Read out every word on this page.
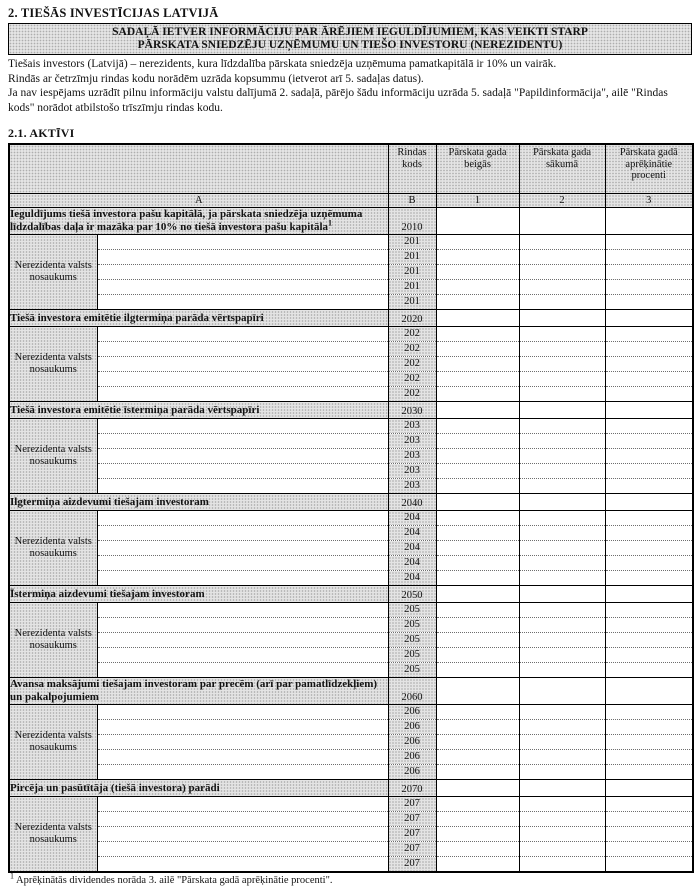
2. TIEŠĀS INVESTĪCIJAS LATVIJĀ
SADAĻĀ IETVER INFORMĀCIJU PAR ĀRĒJIEM IEGULDĪJUMIEM, KAS VEIKTI STARP
PĀRSKATA SNIEDZĒJU UZŅĒMUMU UN TIEŠO INVESTORU (NEREZIDENTU)

Tiešais investors (Latvijā) – nerezidents, kura līdzdalība pārskata sniedzēja uzņēmuma pamatkapitālā ir 10% un vairāk.

Rindās ar četrzīmju rindas kodu norādēm uzrāda kopsummu (ietverot arī 5. sadaļas datus).

Ja nav iespējams uzrādīt pilnu informāciju valstu dalījumā 2. sadaļā, pārējo šādu informāciju uzrāda 5. sadaļā "Papildinformācija", ailē "Rindas kods" norādot atbilstošo trīszīmju rindas kodu.

2.1. AKTĪVI
		Rindas kods	Pārskata gada beigās	Pārskata gada sākumā	Pārskata gadā aprēķinātie procenti
A		B	1	2	3
Ieguldījums tiešā investora pašu kapitālā, ja pārskata sniedzēja uzņēmuma līdzdalības daļa ir mazāka par 10% no tiešā investora pašu kapitāla$^1$		2010			
Nerezidenta valsts nosaukums		201			
		201			
		201			
		201			
		201			
Tiešā investora emitētie ilgtermiņa parāda vērtspapīri		2020			
Nerezidenta valsts nosaukums		202			
		202			
		202			
		202			
		202			
Tiešā investora emitētie īstermiņa parāda vērtspapīri		2030			
Nerezidenta valsts nosaukums		203			
		203			
		203			
		203			
		203			
Ilgtermiņa aizdevumi tiešajam investoram		2040			
Nerezidenta valsts nosaukums		204			
		204			
		204			
		204			
		204			
Īstermiņa aizdevumi tiešajam investoram		2050			
Nerezidenta valsts nosaukums		205			
		205			
		205			
		205			
		205			
Avansa maksājumi tiešajam investoram par precēm (arī par pamatlīdzekļiem) un pakalpojumiem		2060			
Nerezidenta valsts nosaukums		206			
		206			
		206			
		206			
		206			
Pircēja un pasūtītāja (tiešā investora) parādi		2070			
Nerezidenta valsts nosaukums		207			
		207			
		207			
		207			
		207			
$^1$ Aprēķinātās dividendes norāda 3. ailē "Pārskata gadā aprēķinātie procenti".
